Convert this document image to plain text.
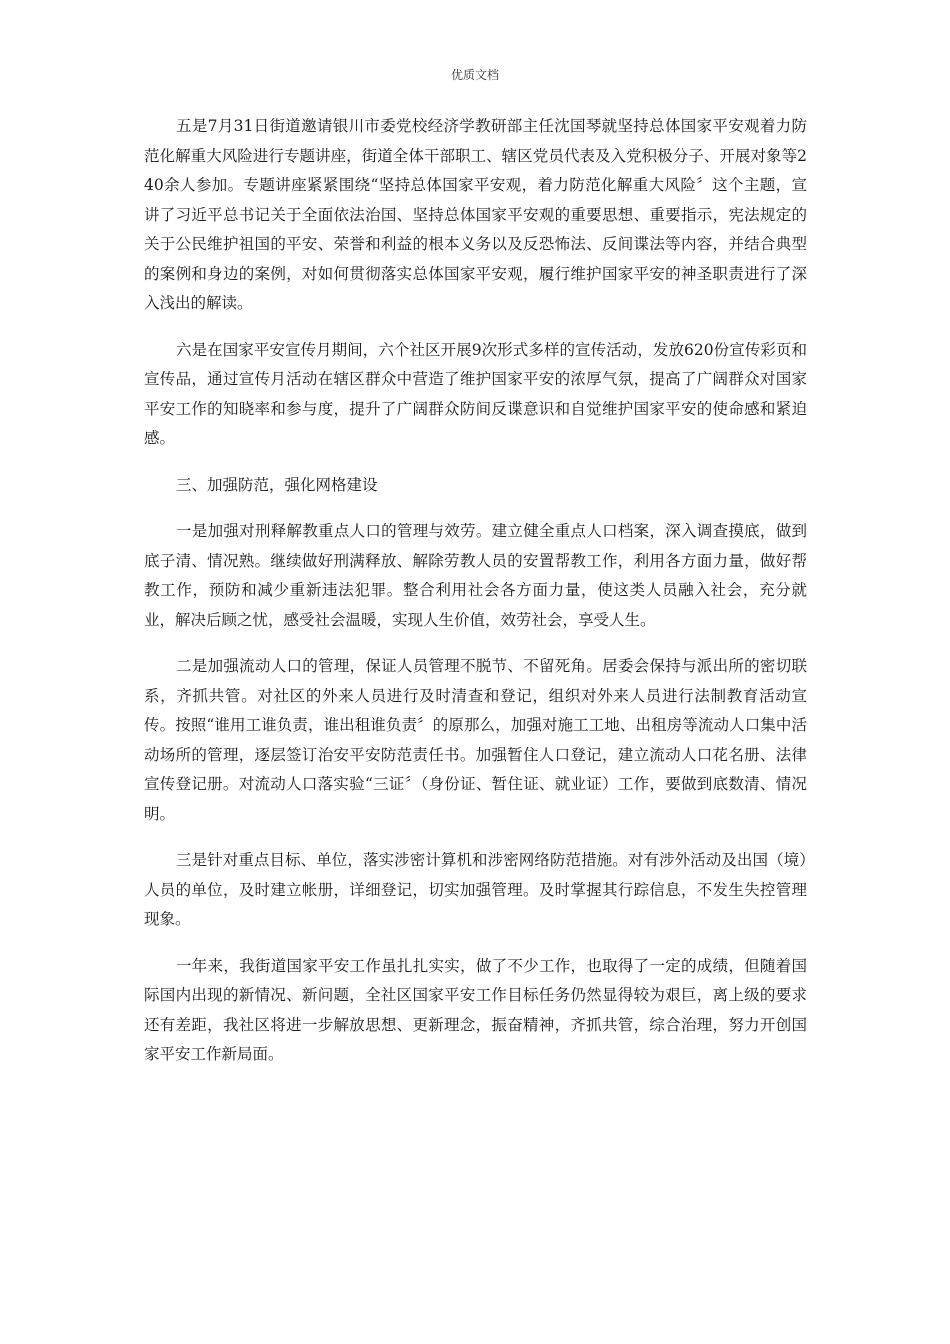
优质文档

五是7月31日街道邀请银川市委党校经济学教研部主任沈国琴就坚持总体国家平安观着力防范化解重大风险进行专题讲座，街道全体干部职工、辖区党员代表及入党积极分子、开展对象等240余人参加。专题讲座紧紧围绕“坚持总体国家平安观，着力防范化解重大风险〞这个主题，宣讲了习近平总书记关于全面依法治国、坚持总体国家平安观的重要思想、重要指示，宪法规定的关于公民维护祖国的平安、荣誉和利益的根本义务以及反恐怖法、反间谍法等内容，并结合典型的案例和身边的案例，对如何贯彻落实总体国家平安观，履行维护国家平安的神圣职责进行了深入浅出的解读。

六是在国家平安宣传月期间，六个社区开展9次形式多样的宣传活动，发放620份宣传彩页和宣传品，通过宣传月活动在辖区群众中营造了维护国家平安的浓厚气氛，提高了广阔群众对国家平安工作的知晓率和参与度，提升了广阔群众防间反谍意识和自觉维护国家平安的使命感和紧迫感。

三、加强防范，强化网格建设

一是加强对刑释解教重点人口的管理与效劳。建立健全重点人口档案，深入调查摸底，做到底子清、情况熟。继续做好刑满释放、解除劳教人员的安置帮教工作，利用各方面力量，做好帮教工作，预防和减少重新违法犯罪。整合利用社会各方面力量，使这类人员融入社会，充分就业，解决后顾之忧，感受社会温暖，实现人生价值，效劳社会，享受人生。

二是加强流动人口的管理，保证人员管理不脱节、不留死角。居委会保持与派出所的密切联系，齐抓共管。对社区的外来人员进行及时清查和登记，组织对外来人员进行法制教育活动宣传。按照“谁用工谁负责，谁出租谁负责〞的原那么，加强对施工工地、出租房等流动人口集中活动场所的管理，逐层签订治安平安防范责任书。加强暂住人口登记，建立流动人口花名册、法律宣传登记册。对流动人口落实验“三证〞（身份证、暂住证、就业证）工作，要做到底数清、情况明。

三是针对重点目标、单位，落实涉密计算机和涉密网络防范措施。对有涉外活动及出国（境）人员的单位，及时建立帐册，详细登记，切实加强管理。及时掌握其行踪信息，不发生失控管理现象。

一年来，我街道国家平安工作虽扎扎实实，做了不少工作，也取得了一定的成绩，但随着国际国内出现的新情况、新问题，全社区国家平安工作目标任务仍然显得较为艰巨，离上级的要求还有差距，我社区将进一步解放思想、更新理念，振奋精神，齐抓共管，综合治理，努力开创国家平安工作新局面。
